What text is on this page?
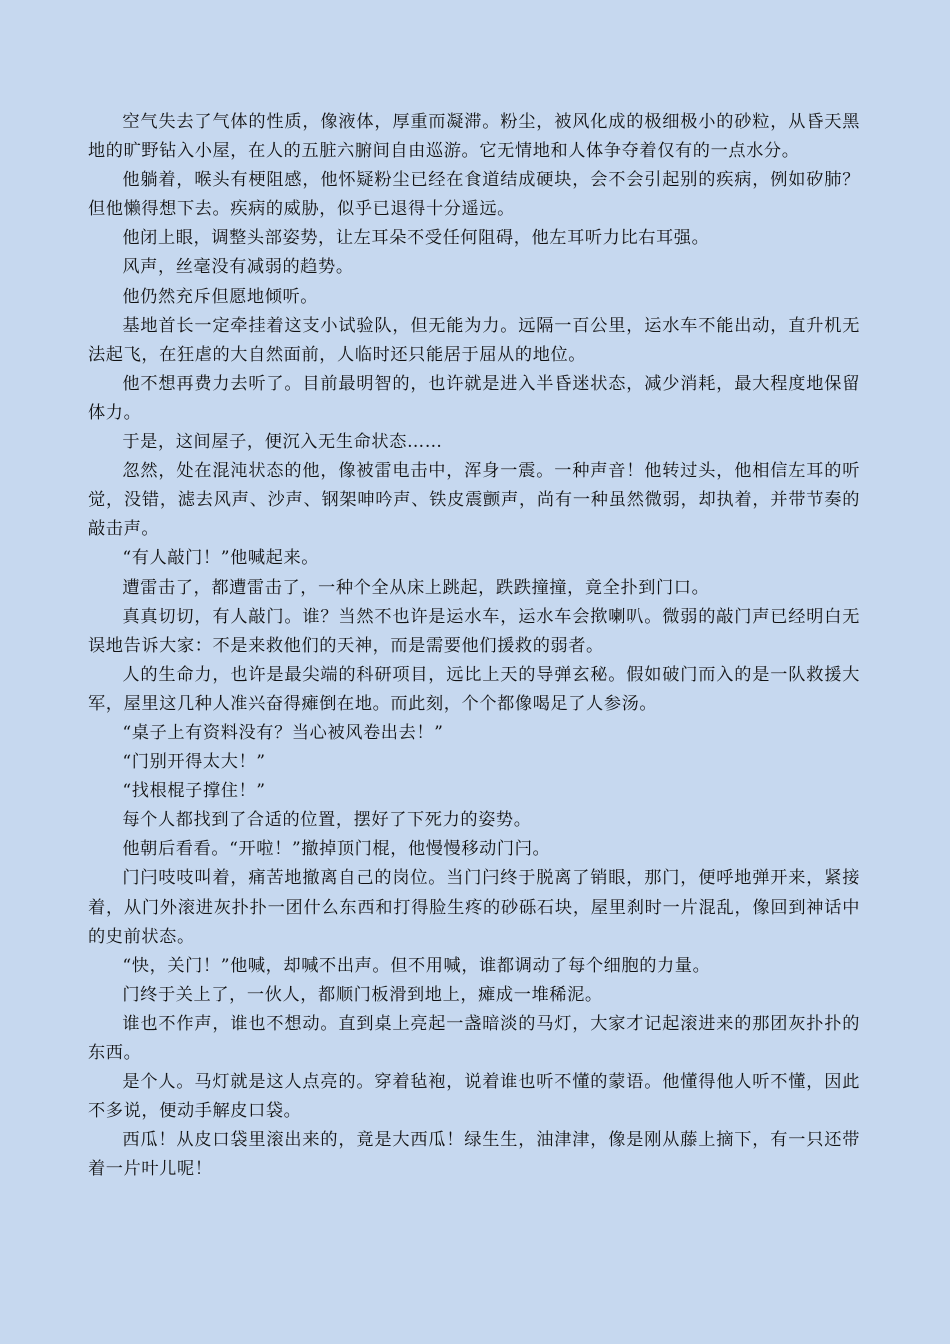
空气失去了气体的性质，像液体，厚重而凝滞。粉尘，被风化成的极细极小的砂粒，从昏天黑地的旷野钻入小屋，在人的五脏六腑间自由巡游。它无情地和人体争夺着仅有的一点水分。

他躺着，喉头有梗阻感，他怀疑粉尘已经在食道结成硬块，会不会引起别的疾病，例如矽肺？但他懒得想下去。疾病的威胁，似乎已退得十分遥远。

他闭上眼，调整头部姿势，让左耳朵不受任何阻碍，他左耳听力比右耳强。

风声，丝毫没有减弱的趋势。

他仍然充斥但愿地倾听。

基地首长一定牵挂着这支小试验队，但无能为力。远隔一百公里，运水车不能出动，直升机无法起飞，在狂虐的大自然面前，人临时还只能居于屈从的地位。

他不想再费力去听了。目前最明智的，也许就是进入半昏迷状态，减少消耗，最大程度地保留体力。

于是，这间屋子，便沉入无生命状态……

忽然，处在混沌状态的他，像被雷电击中，浑身一震。一种声音！他转过头，他相信左耳的听觉，没错，滤去风声、沙声、钢架呻吟声、铁皮震颤声，尚有一种虽然微弱，却执着，并带节奏的敲击声。

“有人敲门！”他喊起来。

遭雷击了，都遭雷击了，一种个全从床上跳起，跌跌撞撞，竟全扑到门口。

真真切切，有人敲门。谁？当然不也许是运水车，运水车会揿喇叭。微弱的敲门声已经明白无误地告诉大家：不是来救他们的天神，而是需要他们援救的弱者。

人的生命力，也许是最尖端的科研项目，远比上天的导弹玄秘。假如破门而入的是一队救援大军，屋里这几种人准兴奋得瘫倒在地。而此刻，个个都像喝足了人参汤。

“桌子上有资料没有？当心被风卷出去！”

“门别开得太大！”

“找根棍子撑住！”

每个人都找到了合适的位置，摆好了下死力的姿势。

他朝后看看。“开啦！”撤掉顶门棍，他慢慢移动门闩。

门闩吱吱叫着，痛苦地撤离自己的岗位。当门闩终于脱离了销眼，那门，便呼地弹开来，紧接着，从门外滚进灰扑扑一团什么东西和打得脸生疼的砂砾石块，屋里刹时一片混乱，像回到神话中的史前状态。

“快，关门！”他喊，却喊不出声。但不用喊，谁都调动了每个细胞的力量。

门终于关上了，一伙人，都顺门板滑到地上，瘫成一堆稀泥。

谁也不作声，谁也不想动。直到桌上亮起一盏暗淡的马灯，大家才记起滚进来的那团灰扑扑的东西。

是个人。马灯就是这人点亮的。穿着毡袍，说着谁也听不懂的蒙语。他懂得他人听不懂，因此不多说，便动手解皮口袋。

西瓜！从皮口袋里滚出来的，竟是大西瓜！绿生生，油津津，像是刚从藤上摘下，有一只还带着一片叶儿呢！
